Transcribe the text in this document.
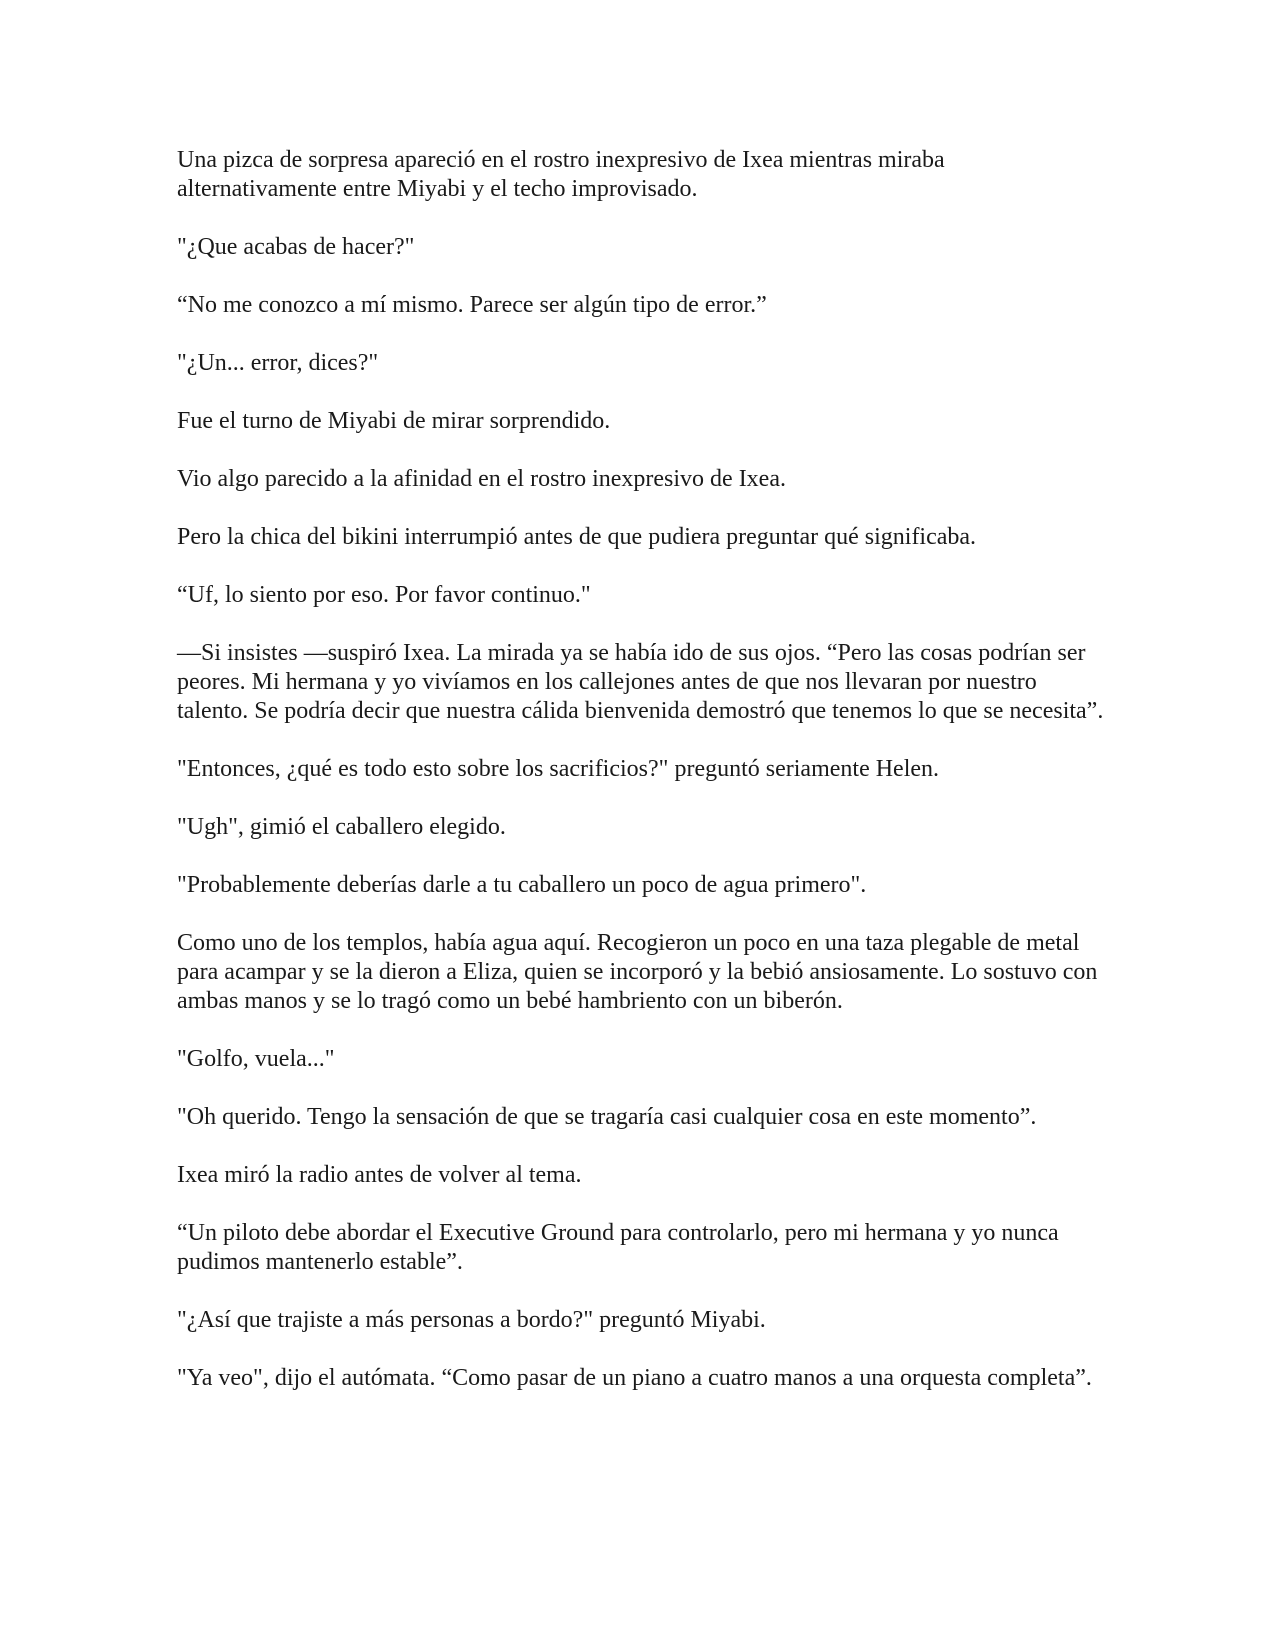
Una pizca de sorpresa apareció en el rostro inexpresivo de Ixea mientras miraba alternativamente entre Miyabi y el techo improvisado.

"¿Que acabas de hacer?"

“No me conozco a mí mismo. Parece ser algún tipo de error.”

"¿Un... error, dices?"

Fue el turno de Miyabi de mirar sorprendido.

Vio algo parecido a la afinidad en el rostro inexpresivo de Ixea.

Pero la chica del bikini interrumpió antes de que pudiera preguntar qué significaba.

“Uf, lo siento por eso. Por favor continuo."

—Si insistes —suspiró Ixea. La mirada ya se había ido de sus ojos. “Pero las cosas podrían ser peores. Mi hermana y yo vivíamos en los callejones antes de que nos llevaran por nuestro talento. Se podría decir que nuestra cálida bienvenida demostró que tenemos lo que se necesita”.

"Entonces, ¿qué es todo esto sobre los sacrificios?" preguntó seriamente Helen.

"Ugh", gimió el caballero elegido.

"Probablemente deberías darle a tu caballero un poco de agua primero".

Como uno de los templos, había agua aquí. Recogieron un poco en una taza plegable de metal para acampar y se la dieron a Eliza, quien se incorporó y la bebió ansiosamente. Lo sostuvo con ambas manos y se lo tragó como un bebé hambriento con un biberón.

"Golfo, vuela..."

"Oh querido. Tengo la sensación de que se tragaría casi cualquier cosa en este momento”.

Ixea miró la radio antes de volver al tema.

“Un piloto debe abordar el Executive Ground para controlarlo, pero mi hermana y yo nunca pudimos mantenerlo estable”.

"¿Así que trajiste a más personas a bordo?" preguntó Miyabi.

"Ya veo", dijo el autómata. “Como pasar de un piano a cuatro manos a una orquesta completa”.
